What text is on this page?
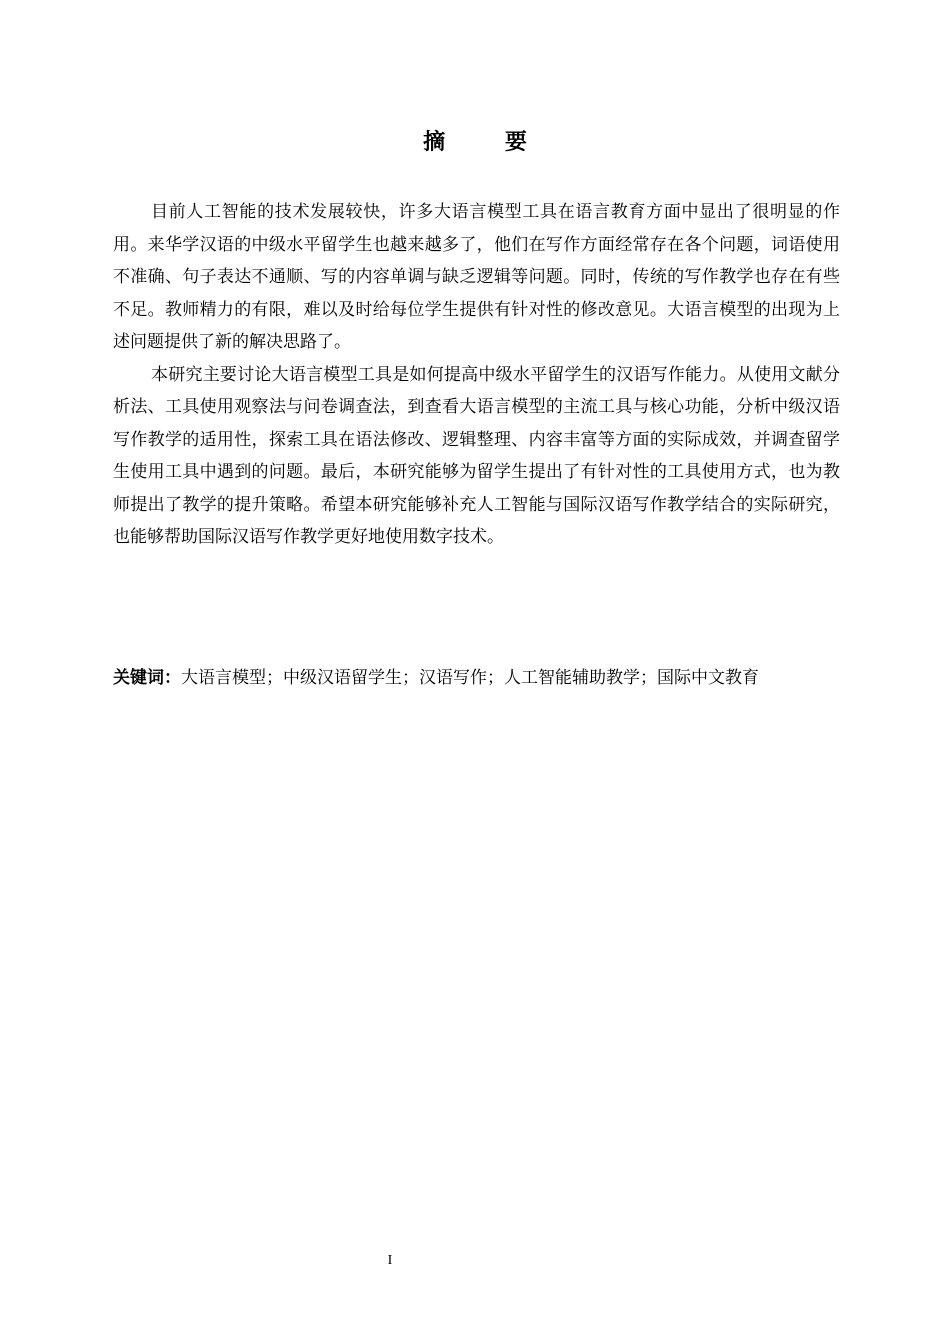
摘 要

目前人工智能的技术发展较快，许多大语言模型工具在语言教育方面中显出了很明显的作用。来华学汉语的中级水平留学生也越来越多了，他们在写作方面经常存在各个问题，词语使用不准确、句子表达不通顺、写的内容单调与缺乏逻辑等问题。同时，传统的写作教学也存在有些不足。教师精力的有限，难以及时给每位学生提供有针对性的修改意见。大语言模型的出现为上述问题提供了新的解决思路了。

本研究主要讨论大语言模型工具是如何提高中级水平留学生的汉语写作能力。从使用文献分析法、工具使用观察法与问卷调查法，到查看大语言模型的主流工具与核心功能，分析中级汉语写作教学的适用性，探索工具在语法修改、逻辑整理、内容丰富等方面的实际成效，并调查留学生使用工具中遇到的问题。最后，本研究能够为留学生提出了有针对性的工具使用方式，也为教师提出了教学的提升策略。希望本研究能够补充人工智能与国际汉语写作教学结合的实际研究，也能够帮助国际汉语写作教学更好地使用数字技术。

关键词：大语言模型；中级汉语留学生；汉语写作；人工智能辅助教学；国际中文教育

I
